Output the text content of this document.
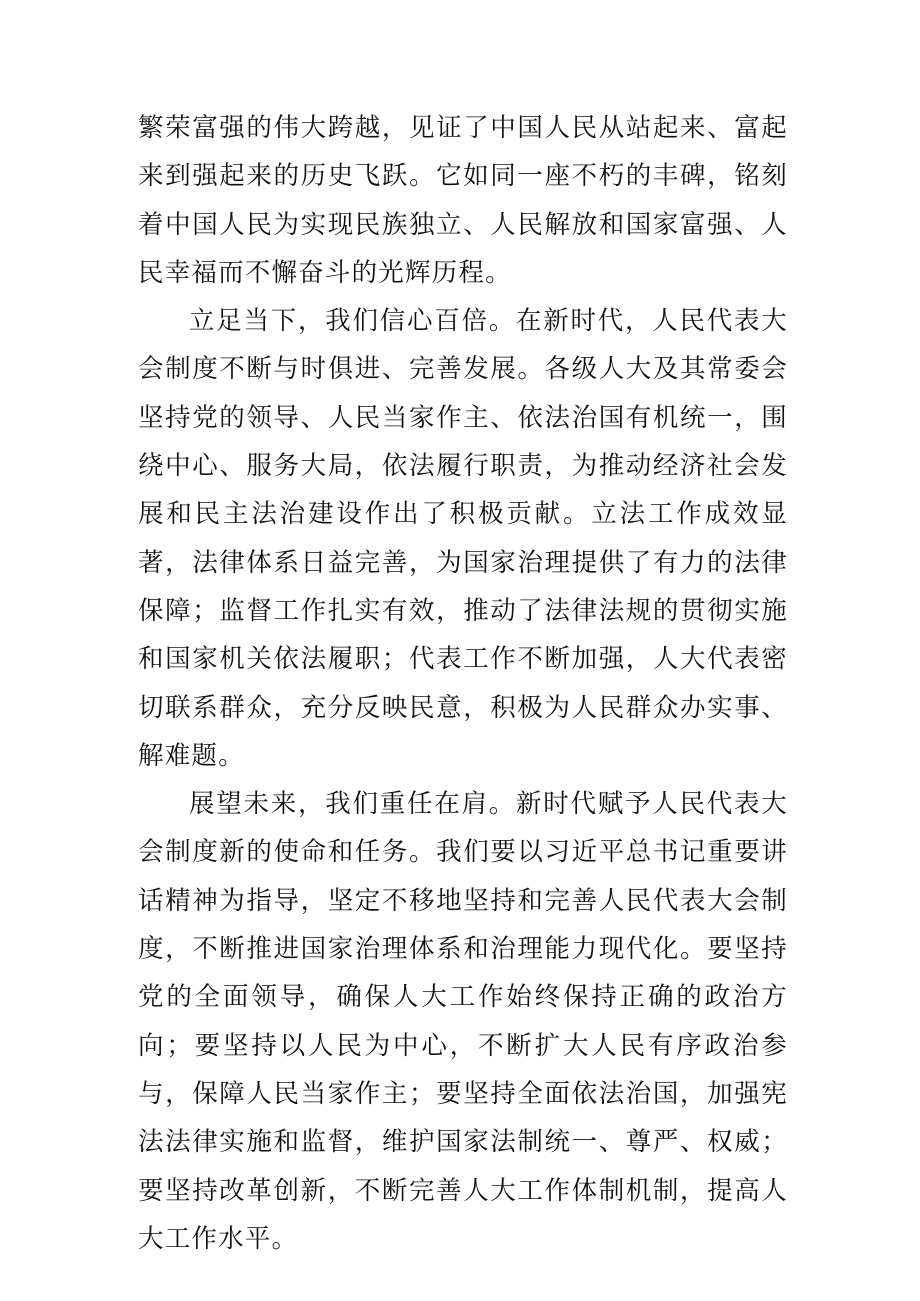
繁荣富强的伟大跨越，见证了中国人民从站起来、富起来到强起来的历史飞跃。它如同一座不朽的丰碑，铭刻着中国人民为实现民族独立、人民解放和国家富强、人民幸福而不懈奋斗的光辉历程。

立足当下，我们信心百倍。在新时代，人民代表大会制度不断与时俱进、完善发展。各级人大及其常委会坚持党的领导、人民当家作主、依法治国有机统一，围绕中心、服务大局，依法履行职责，为推动经济社会发展和民主法治建设作出了积极贡献。立法工作成效显著，法律体系日益完善，为国家治理提供了有力的法律保障；监督工作扎实有效，推动了法律法规的贯彻实施和国家机关依法履职；代表工作不断加强，人大代表密切联系群众，充分反映民意，积极为人民群众办实事、解难题。

展望未来，我们重任在肩。新时代赋予人民代表大会制度新的使命和任务。我们要以习近平总书记重要讲话精神为指导，坚定不移地坚持和完善人民代表大会制度，不断推进国家治理体系和治理能力现代化。要坚持党的全面领导，确保人大工作始终保持正确的政治方向；要坚持以人民为中心，不断扩大人民有序政治参与，保障人民当家作主；要坚持全面依法治国，加强宪法法律实施和监督，维护国家法制统一、尊严、权威；要坚持改革创新，不断完善人大工作体制机制，提高人大工作水平。
